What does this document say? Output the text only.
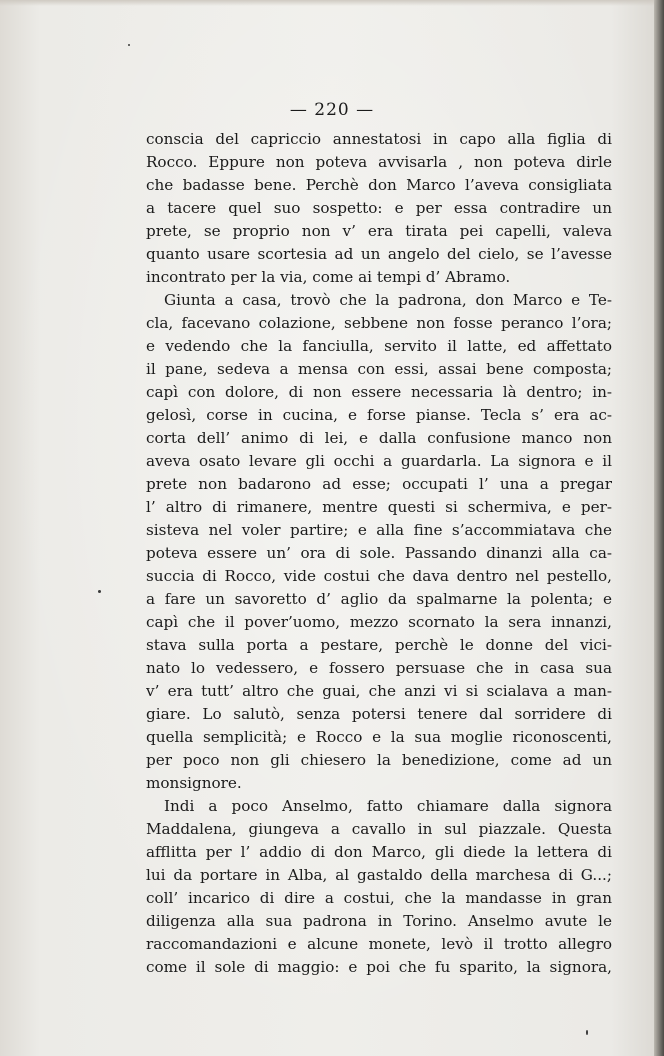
— 220 —
conscia del capriccio annestatosi in capo alla figlia di
Rocco. Eppure non poteva avvisarla , non poteva dirle
che badasse bene. Perchè don Marco l’aveva consigliata
a tacere quel suo sospetto: e per essa contradire un
prete, se proprio non v’ era tirata pei capelli, valeva
quanto usare scortesia ad un angelo del cielo, se l’avesse
incontrato per la via, come ai tempi d’ Abramo.
Giunta a casa, trovò che la padrona, don Marco e Te-
cla, facevano colazione, sebbene non fosse peranco l’ora;
e vedendo che la fanciulla, servito il latte, ed affettato
il pane, sedeva a mensa con essi, assai bene composta;
capì con dolore, di non essere necessaria là dentro; in-
gelosì, corse in cucina, e forse pianse. Tecla s’ era ac-
corta dell’ animo di lei, e dalla confusione manco non
aveva osato levare gli occhi a guardarla. La signora e il
prete non badarono ad esse; occupati l’ una a pregar
l’ altro di rimanere, mentre questi si schermiva, e per-
sisteva nel voler partire; e alla fine s’accommiatava che
poteva essere un’ ora di sole. Passando dinanzi alla ca-
succia di Rocco, vide costui che dava dentro nel pestello,
a fare un savoretto d’ aglio da spalmarne la polenta; e
capì che il pover’uomo, mezzo scornato la sera innanzi,
stava sulla porta a pestare, perchè le donne del vici-
nato lo vedessero, e fossero persuase che in casa sua
v’ era tutt’ altro che guai, che anzi vi si scialava a man-
giare. Lo salutò, senza potersi tenere dal sorridere di
quella semplicità; e Rocco e la sua moglie riconoscenti,
per poco non gli chiesero la benedizione, come ad un
monsignore.
Indi a poco Anselmo, fatto chiamare dalla signora
Maddalena, giungeva a cavallo in sul piazzale. Questa
afflitta per l’ addio di don Marco, gli diede la lettera di
lui da portare in Alba, al gastaldo della marchesa di G...;
coll’ incarico di dire a costui, che la mandasse in gran
diligenza alla sua padrona in Torino. Anselmo avute le
raccomandazioni e alcune monete, levò il trotto allegro
come il sole di maggio: e poi che fu sparito, la signora,
